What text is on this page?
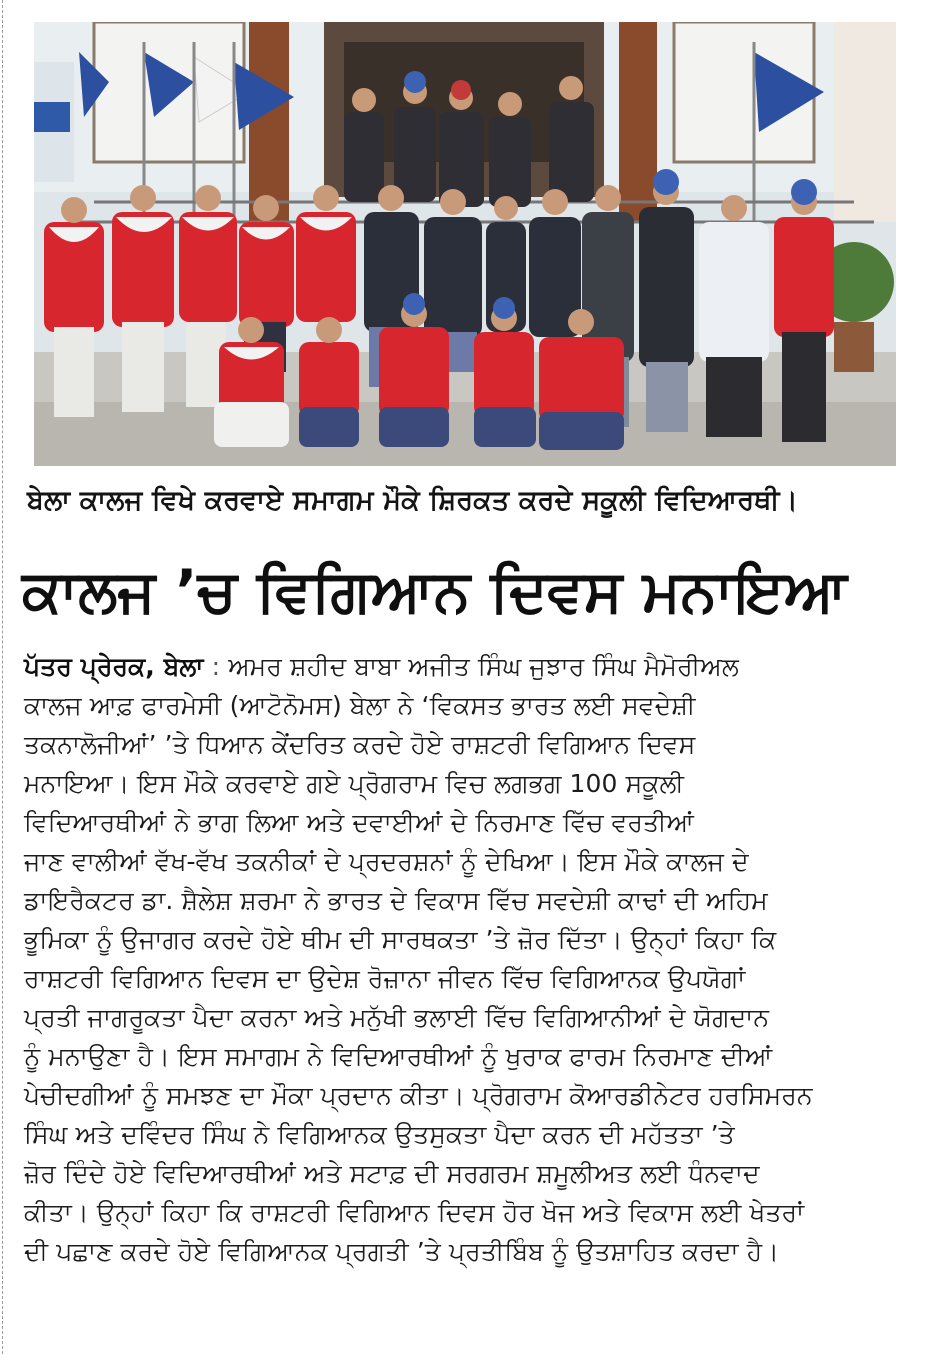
ਬੇਲਾ ਕਾਲਜ ਵਿਖੇ ਕਰਵਾਏ ਸਮਾਗਮ ਮੌਕੇ ਸ਼ਿਰਕਤ ਕਰਦੇ ਸਕੂਲੀ ਵਿਦਿਆਰਥੀ।
ਕਾਲਜ ’ਚ ਵਿਗਿਆਨ ਦਿਵਸ ਮਨਾਇਆ
ਪੱਤਰ ਪ੍ਰੇਰਕ, ਬੇਲਾ : ਅਮਰ ਸ਼ਹੀਦ ਬਾਬਾ ਅਜੀਤ ਸਿੰਘ ਜੁਝਾਰ ਸਿੰਘ ਮੈਮੋਰੀਅਲ
ਕਾਲਜ ਆਫ਼ ਫਾਰਮੇਸੀ (ਆਟੋਨੋਮਸ) ਬੇਲਾ ਨੇ ‘ਵਿਕਸਤ ਭਾਰਤ ਲਈ ਸਵਦੇਸ਼ੀ
ਤਕਨਾਲੋਜੀਆਂ’ ’ਤੇ ਧਿਆਨ ਕੇਂਦਰਿਤ ਕਰਦੇ ਹੋਏ ਰਾਸ਼ਟਰੀ ਵਿਗਿਆਨ ਦਿਵਸ
ਮਨਾਇਆ। ਇਸ ਮੌਕੇ ਕਰਵਾਏ ਗਏ ਪ੍ਰੋਗਰਾਮ ਵਿਚ ਲਗਭਗ 100 ਸਕੂਲੀ
ਵਿਦਿਆਰਥੀਆਂ ਨੇ ਭਾਗ ਲਿਆ ਅਤੇ ਦਵਾਈਆਂ ਦੇ ਨਿਰਮਾਣ ਵਿੱਚ ਵਰਤੀਆਂ
ਜਾਣ ਵਾਲੀਆਂ ਵੱਖ-ਵੱਖ ਤਕਨੀਕਾਂ ਦੇ ਪ੍ਰਦਰਸ਼ਨਾਂ ਨੂੰ ਦੇਖਿਆ। ਇਸ ਮੌਕੇ ਕਾਲਜ ਦੇ
ਡਾਇਰੈਕਟਰ ਡਾ. ਸ਼ੈਲੇਸ਼ ਸ਼ਰਮਾ ਨੇ ਭਾਰਤ ਦੇ ਵਿਕਾਸ ਵਿੱਚ ਸਵਦੇਸ਼ੀ ਕਾਢਾਂ ਦੀ ਅਹਿਮ
ਭੂਮਿਕਾ ਨੂੰ ਉਜਾਗਰ ਕਰਦੇ ਹੋਏ ਥੀਮ ਦੀ ਸਾਰਥਕਤਾ ’ਤੇ ਜ਼ੋਰ ਦਿੱਤਾ। ਉਨ੍ਹਾਂ ਕਿਹਾ ਕਿ
ਰਾਸ਼ਟਰੀ ਵਿਗਿਆਨ ਦਿਵਸ ਦਾ ਉਦੇਸ਼ ਰੋਜ਼ਾਨਾ ਜੀਵਨ ਵਿੱਚ ਵਿਗਿਆਨਕ ਉਪਯੋਗਾਂ
ਪ੍ਰਤੀ ਜਾਗਰੂਕਤਾ ਪੈਦਾ ਕਰਨਾ ਅਤੇ ਮਨੁੱਖੀ ਭਲਾਈ ਵਿੱਚ ਵਿਗਿਆਨੀਆਂ ਦੇ ਯੋਗਦਾਨ
ਨੂੰ ਮਨਾਉਣਾ ਹੈ। ਇਸ ਸਮਾਗਮ ਨੇ ਵਿਦਿਆਰਥੀਆਂ ਨੂੰ ਖੁਰਾਕ ਫਾਰਮ ਨਿਰਮਾਣ ਦੀਆਂ
ਪੇਚੀਦਗੀਆਂ ਨੂੰ ਸਮਝਣ ਦਾ ਮੌਕਾ ਪ੍ਰਦਾਨ ਕੀਤਾ। ਪ੍ਰੋਗਰਾਮ ਕੋਆਰਡੀਨੇਟਰ ਹਰਸਿਮਰਨ
ਸਿੰਘ ਅਤੇ ਦਵਿੰਦਰ ਸਿੰਘ ਨੇ ਵਿਗਿਆਨਕ ਉਤਸੁਕਤਾ ਪੈਦਾ ਕਰਨ ਦੀ ਮਹੱਤਤਾ ’ਤੇ
ਜ਼ੋਰ ਦਿੰਦੇ ਹੋਏ ਵਿਦਿਆਰਥੀਆਂ ਅਤੇ ਸਟਾਫ਼ ਦੀ ਸਰਗਰਮ ਸ਼ਮੂਲੀਅਤ ਲਈ ਧੰਨਵਾਦ
ਕੀਤਾ। ਉਨ੍ਹਾਂ ਕਿਹਾ ਕਿ ਰਾਸ਼ਟਰੀ ਵਿਗਿਆਨ ਦਿਵਸ ਹੋਰ ਖੋਜ ਅਤੇ ਵਿਕਾਸ ਲਈ ਖੇਤਰਾਂ
ਦੀ ਪਛਾਣ ਕਰਦੇ ਹੋਏ ਵਿਗਿਆਨਕ ਪ੍ਰਗਤੀ ’ਤੇ ਪ੍ਰਤੀਬਿੰਬ ਨੂੰ ਉਤਸ਼ਾਹਿਤ ਕਰਦਾ ਹੈ।
